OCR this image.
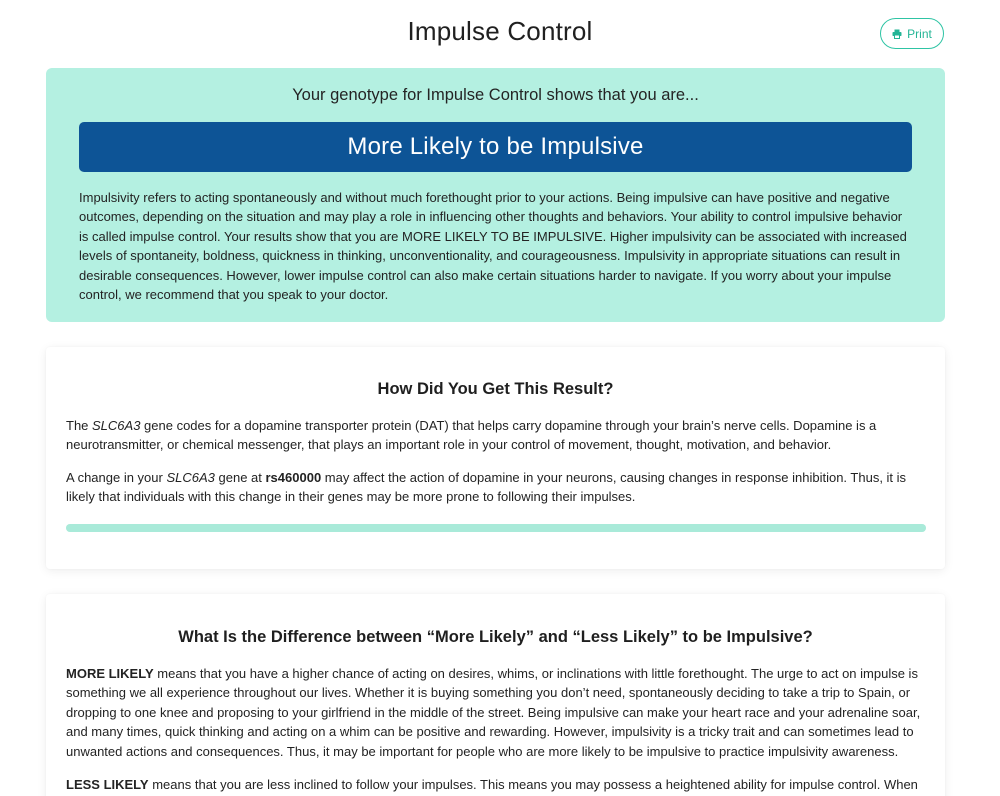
Impulse Control	Print
Your genotype for Impulse Control shows that you are...
More Likely to be Impulsive

Impulsivity refers to acting spontaneously and without much forethought prior to your actions. Being impulsive can have positive and negative outcomes, depending on the situation and may play a role in influencing other thoughts and behaviors. Your ability to control impulsive behavior is called impulse control. Your results show that you are MORE LIKELY TO BE IMPULSIVE. Higher impulsivity can be associated with increased levels of spontaneity, boldness, quickness in thinking, unconventionality, and courageousness. Impulsivity in appropriate situations can result in desirable consequences. However, lower impulse control can also make certain situations harder to navigate. If you worry about your impulse control, we recommend that you speak to your doctor.

How Did You Get This Result?

The SLC6A3 gene codes for a dopamine transporter protein (DAT) that helps carry dopamine through your brain’s nerve cells. Dopamine is a neurotransmitter, or chemical messenger, that plays an important role in your control of movement, thought, motivation, and behavior.

A change in your SLC6A3 gene at rs460000 may affect the action of dopamine in your neurons, causing changes in response inhibition. Thus, it is likely that individuals with this change in their genes may be more prone to following their impulses.

What Is the Difference between “More Likely” and “Less Likely” to be Impulsive?

MORE LIKELY means that you have a higher chance of acting on desires, whims, or inclinations with little forethought. The urge to act on impulse is something we all experience throughout our lives. Whether it is buying something you don’t need, spontaneously deciding to take a trip to Spain, or dropping to one knee and proposing to your girlfriend in the middle of the street. Being impulsive can make your heart race and your adrenaline soar, and many times, quick thinking and acting on a whim can be positive and rewarding. However, impulsivity is a tricky trait and can sometimes lead to unwanted actions and consequences. Thus, it may be important for people who are more likely to be impulsive to practice impulsivity awareness.

LESS LIKELY means that you are less inclined to follow your impulses. This means you may possess a heightened ability for impulse control. When
